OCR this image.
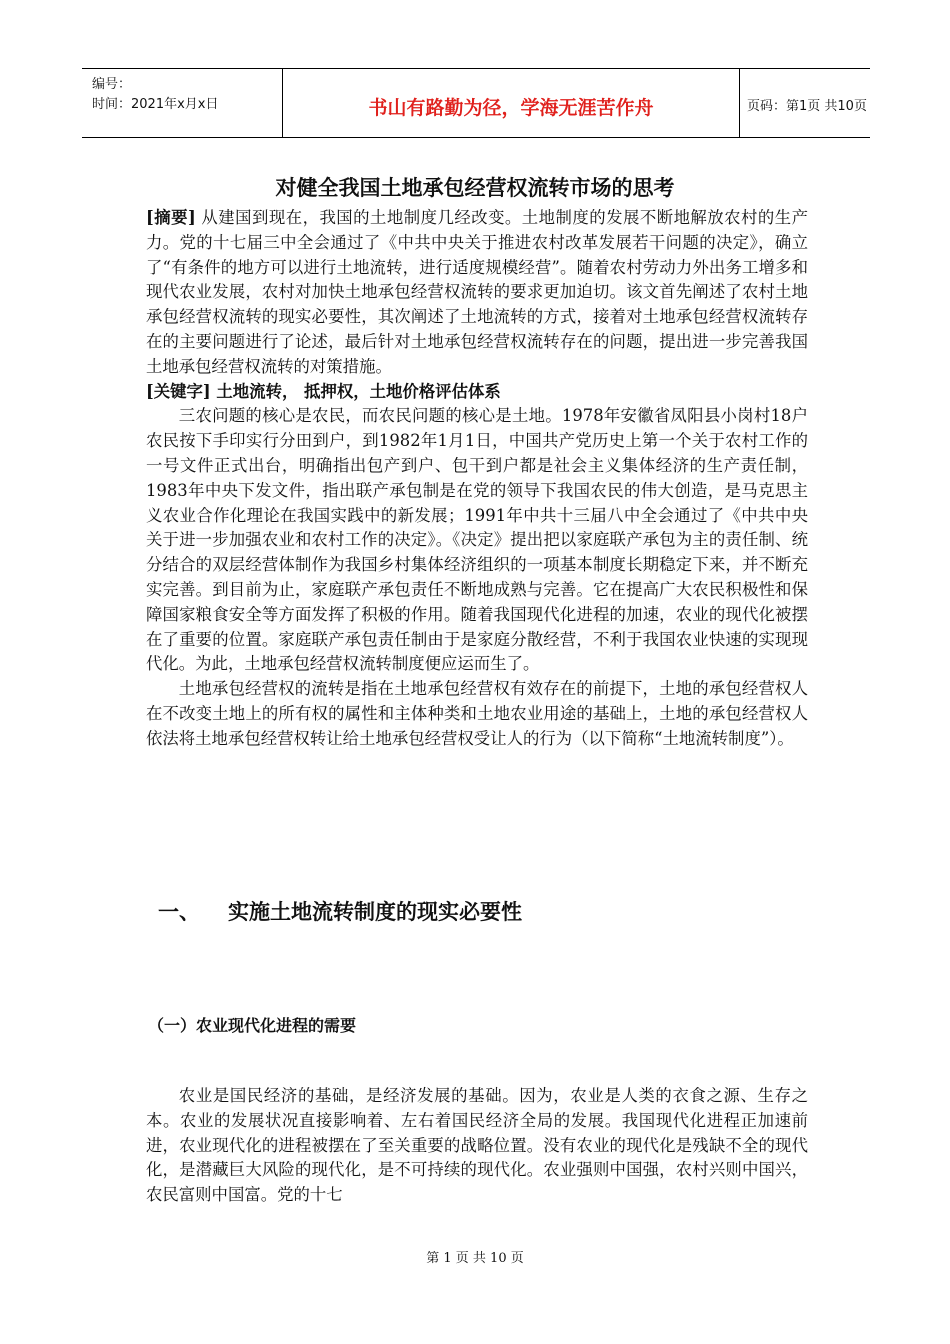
编号：
时间：2021年x月x日	书山有路勤为径，学海无涯苦作舟	页码：第1页 共10页
对健全我国土地承包经营权流转市场的思考

[摘要] 从建国到现在，我国的土地制度几经改变。土地制度的发展不断地解放农村的生产力。党的十七届三中全会通过了《中共中央关于推进农村改革发展若干问题的决定》，确立了“有条件的地方可以进行土地流转，进行适度规模经营”。随着农村劳动力外出务工增多和现代农业发展，农村对加快土地承包经营权流转的要求更加迫切。该文首先阐述了农村土地承包经营权流转的现实必要性，其次阐述了土地流转的方式，接着对土地承包经营权流转存在的主要问题进行了论述，最后针对土地承包经营权流转存在的问题，提出进一步完善我国土地承包经营权流转的对策措施。

[关键字] 土地流转， 抵押权，土地价格评估体系

三农问题的核心是农民，而农民问题的核心是土地。1978年安徽省凤阳县小岗村18户农民按下手印实行分田到户，到1982年1月1日，中国共产党历史上第一个关于农村工作的一号文件正式出台，明确指出包产到户、包干到户都是社会主义集体经济的生产责任制，1983年中央下发文件，指出联产承包制是在党的领导下我国农民的伟大创造，是马克思主义农业合作化理论在我国实践中的新发展；1991年中共十三届八中全会通过了《中共中央关于进一步加强农业和农村工作的决定》。《决定》提出把以家庭联产承包为主的责任制、统分结合的双层经营体制作为我国乡村集体经济组织的一项基本制度长期稳定下来，并不断充实完善。到目前为止，家庭联产承包责任不断地成熟与完善。它在提高广大农民积极性和保障国家粮食安全等方面发挥了积极的作用。随着我国现代化进程的加速，农业的现代化被摆在了重要的位置。家庭联产承包责任制由于是家庭分散经营，不利于我国农业快速的实现现代化。为此，土地承包经营权流转制度便应运而生了。

土地承包经营权的流转是指在土地承包经营权有效存在的前提下，土地的承包经营权人在不改变土地上的所有权的属性和主体种类和土地农业用途的基础上，土地的承包经营权人依法将土地承包经营权转让给土地承包经营权受让人的行为（以下简称“土地流转制度”）。

一、 实施土地流转制度的现实必要性
（一）农业现代化进程的需要

农业是国民经济的基础，是经济发展的基础。因为，农业是人类的衣食之源、生存之本。农业的发展状况直接影响着、左右着国民经济全局的发展。我国现代化进程正加速前进，农业现代化的进程被摆在了至关重要的战略位置。没有农业的现代化是残缺不全的现代化，是潜藏巨大风险的现代化，是不可持续的现代化。农业强则中国强，农村兴则中国兴，农民富则中国富。党的十七

第 1 页 共 10 页
